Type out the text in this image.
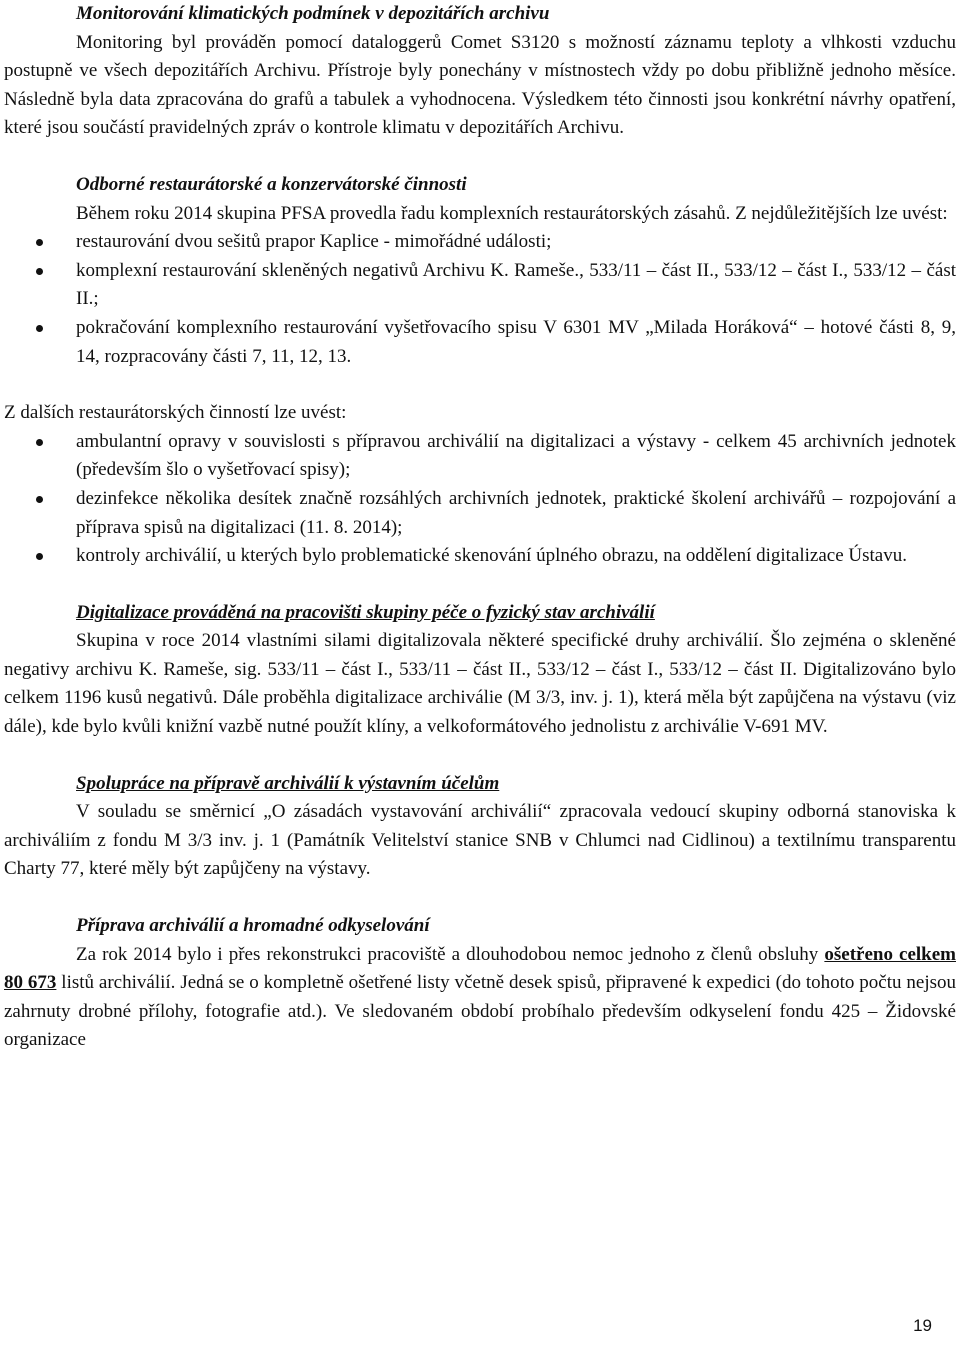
Monitorování klimatických podmínek v depozitářích archivu

Monitoring byl prováděn pomocí dataloggerů Comet S3120 s možností záznamu teploty a vlhkosti vzduchu postupně ve všech depozitářích Archivu. Přístroje byly ponechány v místnostech vždy po dobu přibližně jednoho měsíce. Následně byla data zpracována do grafů a tabulek a vyhodnocena. Výsledkem této činnosti jsou konkrétní návrhy opatření, které jsou součástí pravidelných zpráv o kontrole klimatu v depozitářích Archivu.

Odborné restaurátorské a konzervátorské činnosti

Během roku 2014 skupina PFSA provedla řadu komplexních restaurátorských zásahů. Z nejdůležitějších lze uvést:

restaurování dvou sešitů prapor Kaplice - mimořádné události;
komplexní restaurování skleněných negativů Archivu K. Rameše., 533/11 – část II., 533/12 – část I., 533/12 – část II.;
pokračování komplexního restaurování vyšetřovacího spisu V 6301 MV „Milada Horáková“ – hotové části 8, 9, 14, rozpracovány části 7, 11, 12, 13.

Z dalších restaurátorských činností lze uvést:

ambulantní opravy v souvislosti s přípravou archiválií na digitalizaci a výstavy - celkem 45 archivních jednotek (především šlo o vyšetřovací spisy);
dezinfekce několika desítek značně rozsáhlých archivních jednotek, praktické školení archivářů – rozpojování a příprava spisů na digitalizaci (11. 8. 2014);
kontroly archiválií, u kterých bylo problematické skenování úplného obrazu, na oddělení digitalizace Ústavu.
Digitalizace prováděná na pracovišti skupiny péče o fyzický stav archiválií

Skupina v roce 2014 vlastními silami digitalizovala některé specifické druhy archiválií. Šlo zejména o skleněné negativy archivu K. Rameše, sig. 533/11 – část I., 533/11 – část II., 533/12 – část I., 533/12 – část II. Digitalizováno bylo celkem 1196 kusů negativů. Dále proběhla digitalizace archiválie (M 3/3, inv. j. 1), která měla být zapůjčena na výstavu (viz dále), kde bylo kvůli knižní vazbě nutné použít klíny, a velkoformátového jednolistu z archiválie V-691 MV.

Spolupráce na přípravě archiválií k výstavním účelům

V souladu se směrnicí „O zásadách vystavování archiválií“ zpracovala vedoucí skupiny odborná stanoviska k archiváliím z fondu M 3/3 inv. j. 1 (Památník Velitelství stanice SNB v Chlumci nad Cidlinou) a textilnímu transparentu Charty 77, které měly být zapůjčeny na výstavy.

Příprava archiválií a hromadné odkyselování

Za rok 2014 bylo i přes rekonstrukci pracoviště a dlouhodobou nemoc jednoho z členů obsluhy ošetřeno celkem 80 673 listů archiválií. Jedná se o kompletně ošetřené listy včetně desek spisů, připravené k expedici (do tohoto počtu nejsou zahrnuty drobné přílohy, fotografie atd.). Ve sledovaném období probíhalo především odkyselení fondu 425 – Židovské organizace

19
